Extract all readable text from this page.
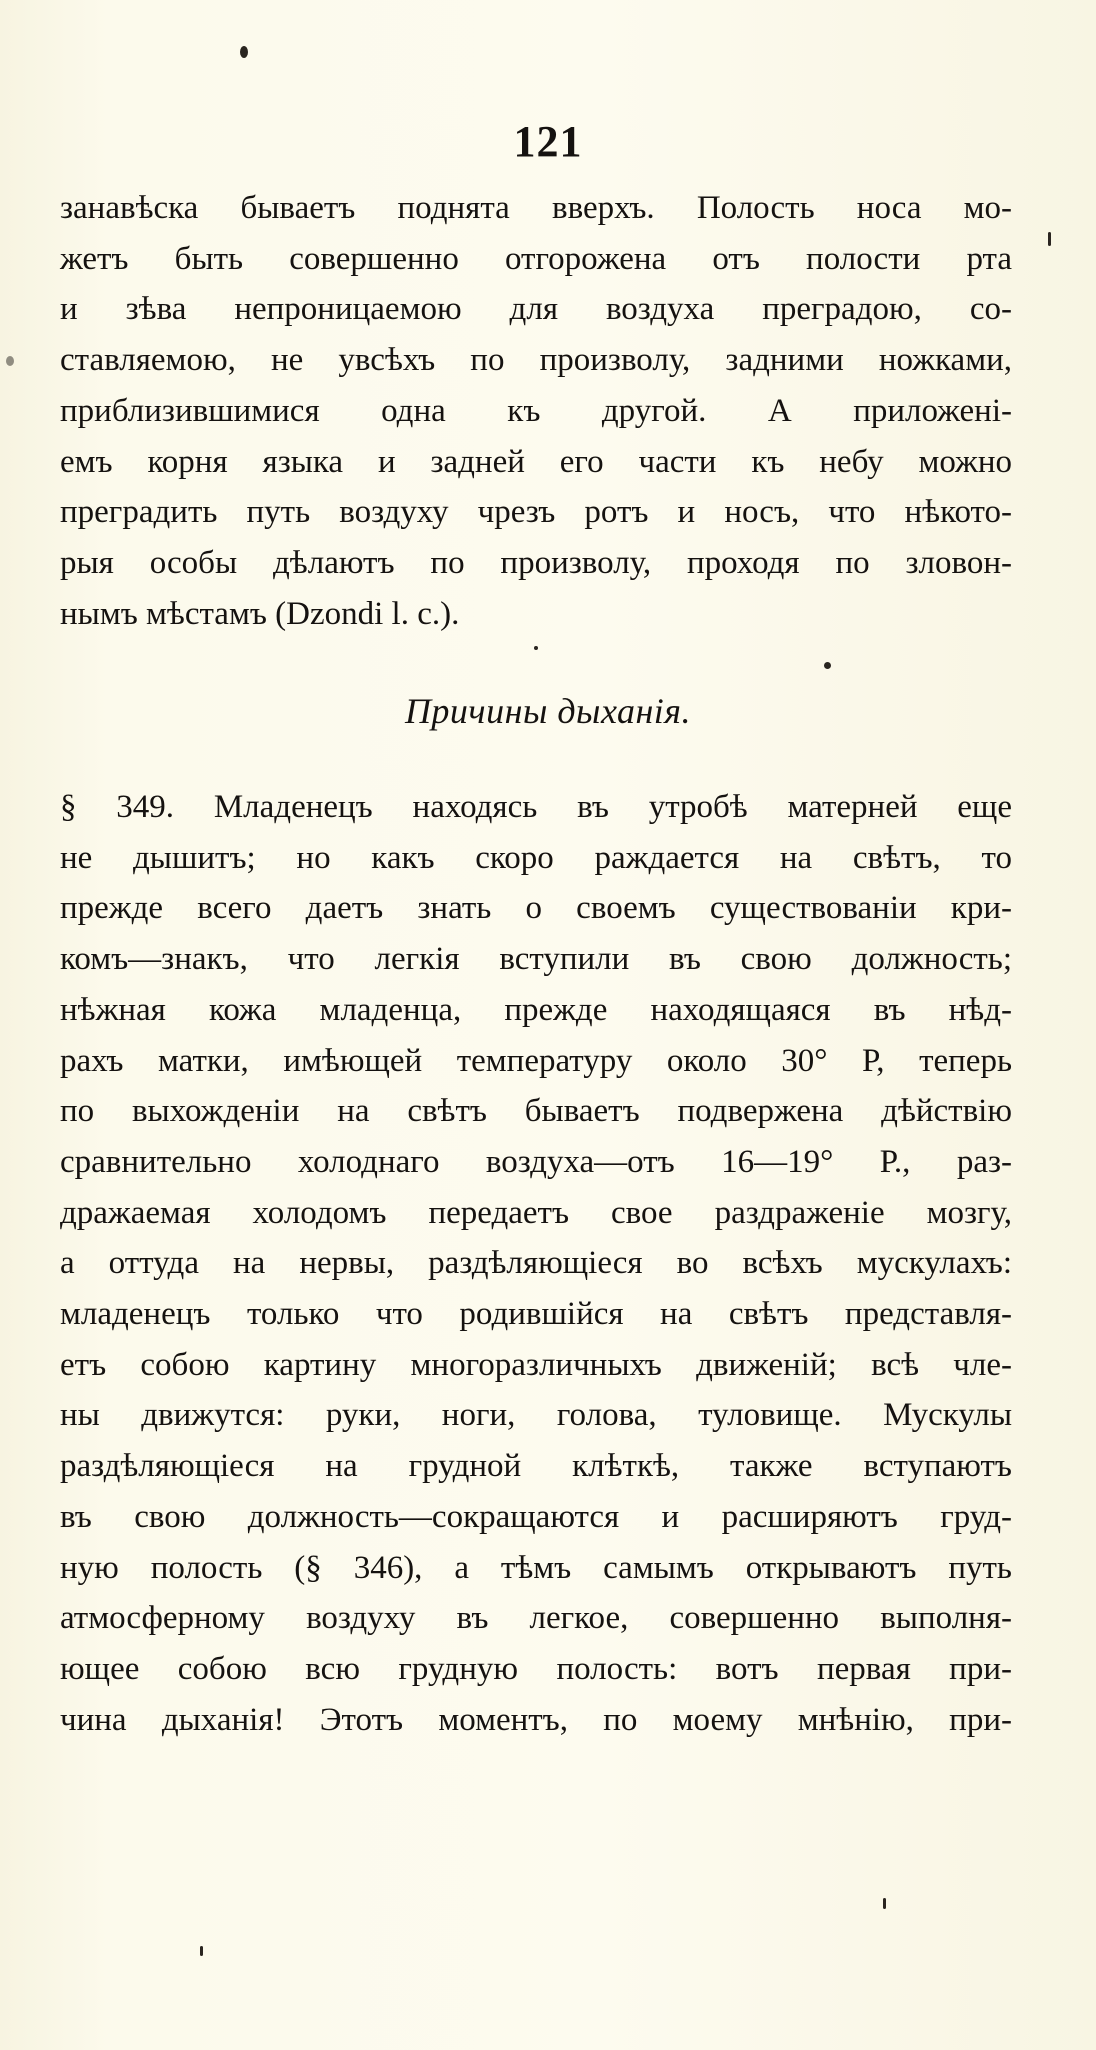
121
занавѣска бываетъ поднята вверхъ. Полость носа мо-
жетъ быть совершенно отгорожена отъ полости рта
и зѣва непроницаемою для воздуха преградою, со-
ставляемою, не увсѣхъ по произволу, задними ножками,
приблизившимися одна къ другой. А приложені-
емъ корня языка и задней его части къ небу можно
преградить путь воздуху чрезъ ротъ и носъ, что нѣкото-
рыя особы дѣлаютъ по произволу, проходя по зловон-
нымъ мѣстамъ (Dzondi l. c.).
Причины дыханія.
§ 349. Младенецъ находясь въ утробѣ матерней еще
не дышитъ; но какъ скоро раждается на свѣтъ, то
прежде всего даетъ знать о своемъ существованіи кри-
комъ—знакъ, что легкія вступили въ свою должность;
нѣжная кожа младенца, прежде находящаяся въ нѣд-
рахъ матки, имѣющей температуру около 30° Р, теперь
по выхожденіи на свѣтъ бываетъ подвержена дѣйствію
сравнительно холоднаго воздуха—отъ 16—19° Р., раз-
дражаемая холодомъ передаетъ свое раздраженіе мозгу,
а оттуда на нервы, раздѣляющіеся во всѣхъ мускулахъ:
младенецъ только что родившійся на свѣтъ представля-
етъ собою картину многоразличныхъ движеній; всѣ чле-
ны движутся: руки, ноги, голова, туловище. Мускулы
раздѣляющіеся на грудной клѣткѣ, также вступаютъ
въ свою должность—сокращаются и расширяютъ груд-
ную полость (§ 346), а тѣмъ самымъ открываютъ путь
атмосферному воздуху въ легкое, совершенно выполня-
ющее собою всю грудную полость: вотъ первая при-
чина дыханія! Этотъ моментъ, по моему мнѣнію, при-
